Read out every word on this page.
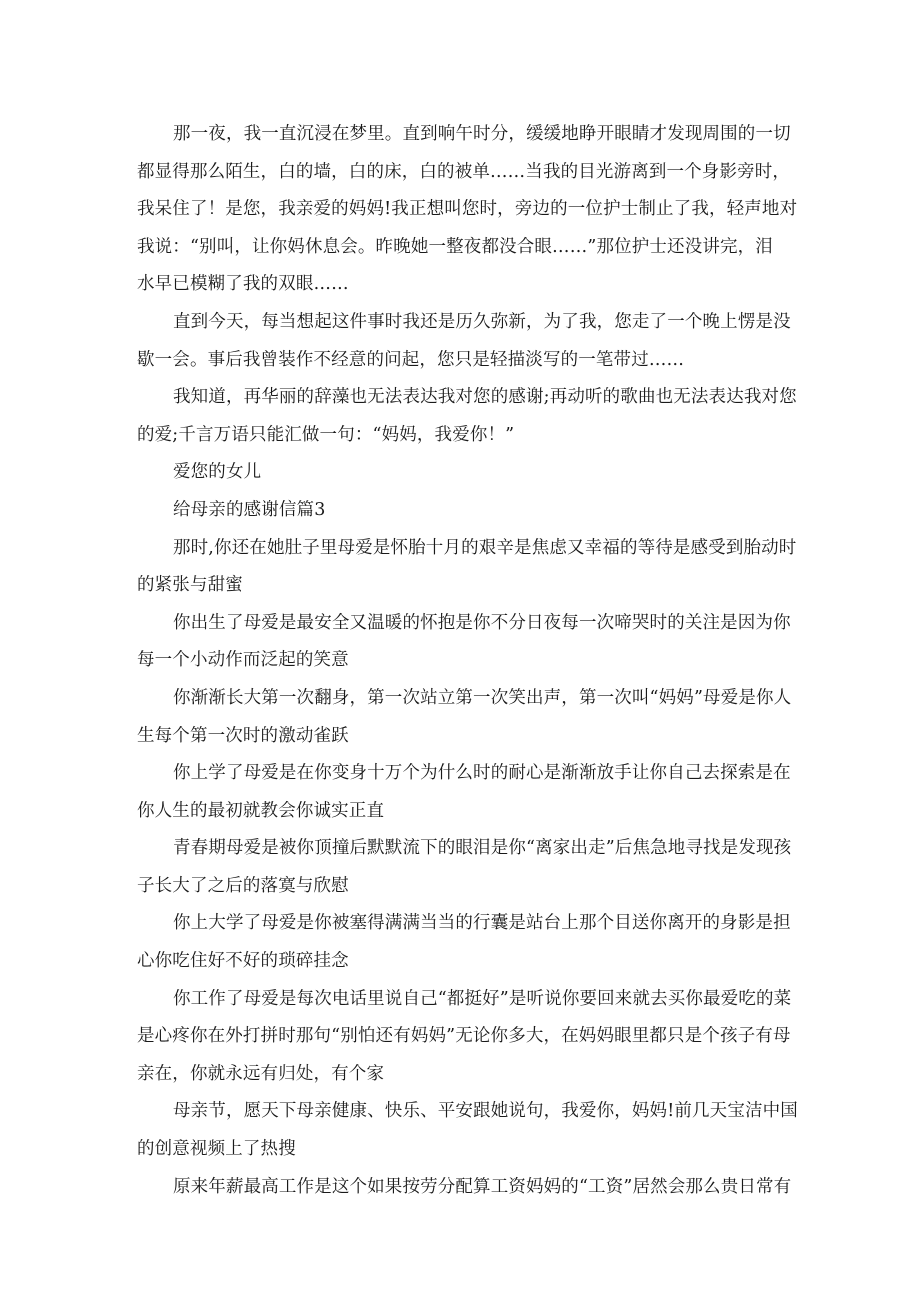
那一夜，我一直沉浸在梦里。直到响午时分，缓缓地睁开眼睛才发现周围的一切
都显得那么陌生，白的墙，白的床，白的被单……当我的目光游离到一个身影旁时，
我呆住了！是您，我亲爱的妈妈!我正想叫您时，旁边的一位护士制止了我，轻声地对
我说：“别叫，让你妈休息会。昨晚她一整夜都没合眼……”那位护士还没讲完，泪
水早已模糊了我的双眼……
直到今天，每当想起这件事时我还是历久弥新，为了我，您走了一个晚上愣是没
歇一会。事后我曾装作不经意的问起，您只是轻描淡写的一笔带过……
我知道，再华丽的辞藻也无法表达我对您的感谢;再动听的歌曲也无法表达我对您
的爱;千言万语只能汇做一句：“妈妈，我爱你！”
爱您的女儿
给母亲的感谢信篇3
那时,你还在她肚子里母爱是怀胎十月的艰辛是焦虑又幸福的等待是感受到胎动时
的紧张与甜蜜
你出生了母爱是最安全又温暖的怀抱是你不分日夜每一次啼哭时的关注是因为你
每一个小动作而泛起的笑意
你渐渐长大第一次翻身，第一次站立第一次笑出声，第一次叫“妈妈”母爱是你人
生每个第一次时的激动雀跃
你上学了母爱是在你变身十万个为什么时的耐心是渐渐放手让你自己去探索是在
你人生的最初就教会你诚实正直
青春期母爱是被你顶撞后默默流下的眼泪是你“离家出走”后焦急地寻找是发现孩
子长大了之后的落寞与欣慰
你上大学了母爱是你被塞得满满当当的行囊是站台上那个目送你离开的身影是担
心你吃住好不好的琐碎挂念
你工作了母爱是每次电话里说自己“都挺好”是听说你要回来就去买你最爱吃的菜
是心疼你在外打拼时那句“别怕还有妈妈”无论你多大，在妈妈眼里都只是个孩子有母
亲在，你就永远有归处，有个家
母亲节，愿天下母亲健康、快乐、平安跟她说句，我爱你，妈妈!前几天宝洁中国
的创意视频上了热搜
原来年薪最高工作是这个如果按劳分配算工资妈妈的“工资”居然会那么贵日常有
